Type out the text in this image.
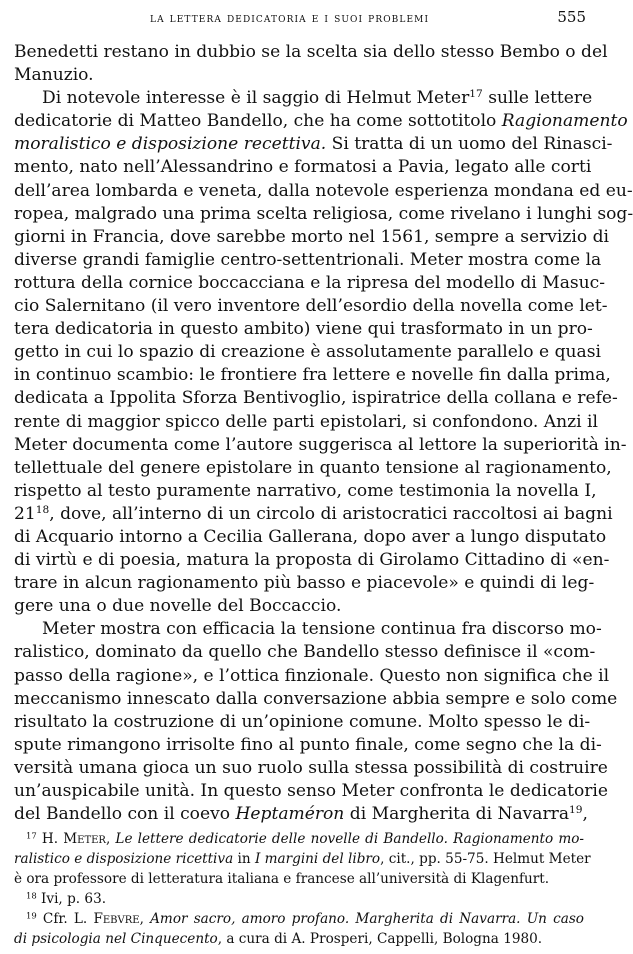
la lettera dedicatoria e i suoi problemi	555
Benedetti restano in dubbio se la scelta sia dello stesso Bembo o del
Manuzio.
Di notevole interesse è il saggio di Helmut Meter$^{17}$ sulle lettere
dedicatorie di Matteo Bandello, che ha come sottotitolo Ragionamento
moralistico e disposizione recettiva. Si tratta di un uomo del Rinasci-
mento, nato nell’Alessandrino e formatosi a Pavia, legato alle corti
dell’area lombarda e veneta, dalla notevole esperienza mondana ed eu-
ropea, malgrado una prima scelta religiosa, come rivelano i lunghi sog-
giorni in Francia, dove sarebbe morto nel 1561, sempre a servizio di
diverse grandi famiglie centro-settentrionali. Meter mostra come la
rottura della cornice boccacciana e la ripresa del modello di Masuc-
cio Salernitano (il vero inventore dell’esordio della novella come let-
tera dedicatoria in questo ambito) viene qui trasformato in un pro-
getto in cui lo spazio di creazione è assolutamente parallelo e quasi
in continuo scambio: le frontiere fra lettere e novelle fin dalla prima,
dedicata a Ippolita Sforza Bentivoglio, ispiratrice della collana e refe-
rente di maggior spicco delle parti epistolari, si confondono. Anzi il
Meter documenta come l’autore suggerisca al lettore la superiorità in-
tellettuale del genere epistolare in quanto tensione al ragionamento,
rispetto al testo puramente narrativo, come testimonia la novella I,
$21^{18}$, dove, all’interno di un circolo di aristocratici raccoltosi ai bagni
di Acquario intorno a Cecilia Gallerana, dopo aver a lungo disputato
di virtù e di poesia, matura la proposta di Girolamo Cittadino di «en-
trare in alcun ragionamento più basso e piacevole» e quindi di leg-
gere una o due novelle del Boccaccio.
Meter mostra con efficacia la tensione continua fra discorso mo-
ralistico, dominato da quello che Bandello stesso definisce il «com-
passo della ragione», e l’ottica finzionale. Questo non significa che il
meccanismo innescato dalla conversazione abbia sempre e solo come
risultato la costruzione di un’opinione comune. Molto spesso le di-
spute rimangono irrisolte fino al punto finale, come segno che la di-
versità umana gioca un suo ruolo sulla stessa possibilità di costruire
un’auspicabile unità. In questo senso Meter confronta le dedicatorie
del Bandello con il coevo Heptaméron di Margherita di Navarra$^{19}$,
$^{17}$ H. Meter, Le lettere dedicatorie delle novelle di Bandello. Ragionamento mo-
ralistico e disposizione ricettiva in I margini del libro, cit., pp. 55-75. Helmut Meter
è ora professore di letteratura italiana e francese all’università di Klagenfurt.
$^{18}$ Ivi, p. 63.
$^{19}$ Cfr. L. Febvre, Amor sacro, amoro profano. Margherita di Navarra. Un caso
di psicologia nel Cinquecento, a cura di A. Prosperi, Cappelli, Bologna 1980.
